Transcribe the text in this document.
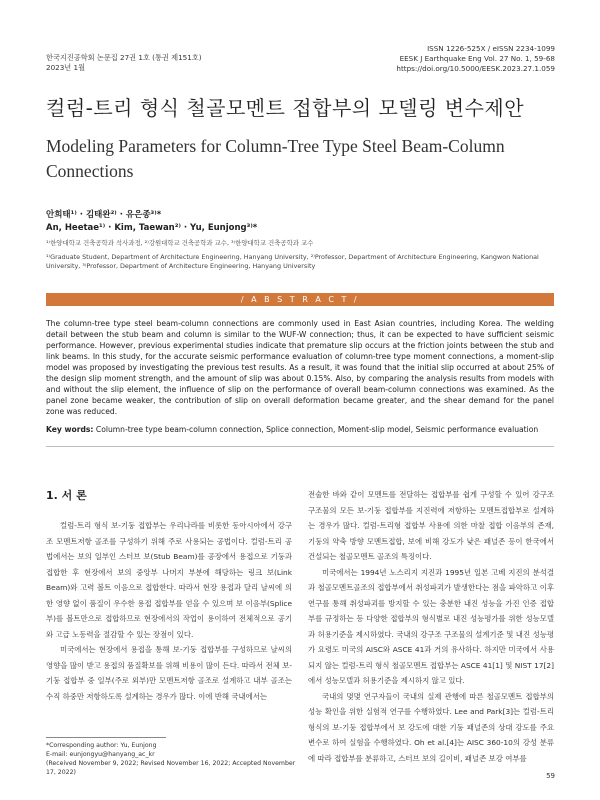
한국지진공학회 논문집 27권 1호 (통권 제151호)
2023년 1월
ISSN 1226-525X / eISSN 2234-1099
EESK J Earthquake Eng Vol. 27 No. 1, 59-68
https://doi.org/10.5000/EESK.2023.27.1.059
컬럼-트리 형식 철골모멘트 접합부의 모델링 변수제안
Modeling Parameters for Column-Tree Type Steel Beam-Column Connections
안희태¹⁾ · 김태완²⁾ · 유은종³⁾*
An, Heetae¹⁾ · Kim, Taewan²⁾ · Yu, Eunjong³⁾*
¹⁾한양대학교 건축공학과 석사과정, ²⁾강원대학교 건축공학과 교수, ³⁾한양대학교 건축공학과 교수
¹⁾Graduate Student, Department of Architecture Engineering, Hanyang University, ²⁾Professor, Department of Architecture Engineering, Kangwon National University, ³⁾Professor, Department of Architecture Engineering, Hanyang University
/ A B S T R A C T /
The column-tree type steel beam-column connections are commonly used in East Asian countries, including Korea. The welding detail between the stub beam and column is similar to the WUF-W connection; thus, it can be expected to have sufficient seismic performance. However, previous experimental studies indicate that premature slip occurs at the friction joints between the stub and link beams. In this study, for the accurate seismic performance evaluation of column-tree type moment connections, a moment-slip model was proposed by investigating the previous test results. As a result, it was found that the initial slip occurred at about 25% of the design slip moment strength, and the amount of slip was about 0.15%. Also, by comparing the analysis results from models with and without the slip element, the influence of slip on the performance of overall beam-column connections was examined. As the panel zone became weaker, the contribution of slip on overall deformation became greater, and the shear demand for the panel zone was reduced.
Key words: Column-tree type beam-column connection, Splice connection, Moment-slip model, Seismic performance evaluation
1. 서 론

컬럼-트리 형식 보-기둥 접합부는 우리나라를 비롯한 동아시아에서 강구조 모멘트저항 골조를 구성하기 위해 주로 사용되는 공법이다. 컬럼-트리 공법에서는 보의 일부인 스터브 보(Stub Beam)를 공장에서 용접으로 기둥과 접합한 후 현장에서 보의 중앙부 나머지 부분에 해당하는 링크 보(Link Beam)와 고력 볼트 이음으로 접합한다. 따라서 현장 용접과 달리 날씨에 의한 영향 없이 품질이 우수한 용접 접합부를 얻을 수 있으며 보 이음부(Splice 부)를 볼트만으로 접합하므로 현장에서의 작업이 용이하여 전체적으로 공기와 고급 노동력을 절감할 수 있는 장점이 있다.

미국에서는 현장에서 용접을 통해 보-기둥 접합부를 구성하므로 날씨의 영향을 많이 받고 용접의 품질확보를 위해 비용이 많이 든다. 따라서 전체 보-기둥 접합부 중 일부(주로 외부)만 모멘트저항 골조로 설계하고 내부 골조는 수직 하중만 저항하도록 설계하는 경우가 많다. 이에 반해 국내에서는

전술한 바와 같이 모멘트를 전달하는 접합부를 쉽게 구성할 수 있어 강구조 구조물의 모든 보-기둥 접합부를 지진력에 저항하는 모멘트접합부로 설계하는 경우가 많다. 컬럼-트리형 접합부 사용에 의한 마찰 접합 이음부의 존재, 기둥의 약축 방향 모멘트접합, 보에 비해 강도가 낮은 패널존 등이 한국에서 건설되는 철골모멘트 골조의 특징이다.

미국에서는 1994년 노스리지 지진과 1995년 일본 고베 지진의 분석결과 철골모멘트골조의 접합부에서 취성파괴가 발생한다는 점을 파악하고 이후 연구를 통해 취성파괴를 방지할 수 있는 충분한 내진 성능을 가진 인증 접합부를 규정하는 등 다양한 접합부의 형식별로 내진 성능평가를 위한 성능모델과 허용기준을 제시하였다. 국내의 강구조 구조물의 설계기준 및 내진 성능평가 요령도 미국의 AISC와 ASCE 41과 거의 유사하다. 하지만 미국에서 사용되지 않는 컬럼-트리 형식 철골모멘트 접합부는 ASCE 41[1] 및 NIST 17[2]에서 성능모델과 허용기준을 제시하지 않고 있다.

국내의 몇몇 연구자들이 국내의 실제 관행에 따른 철골모멘트 접합부의 성능 확인을 위한 실험적 연구를 수행하였다. Lee and Park[3]는 컬럼-트리 형식의 보-기둥 접합부에서 보 강도에 대한 기둥 패널존의 상대 강도를 주요 변수로 하여 실험을 수행하였다. Oh et al.[4]는 AISC 360-10의 강성 분류에 따라 접합부를 분류하고, 스터브 보의 길이비, 패널존 보강 여부를

*Corresponding author: Yu, Eunjong
E-mail: eunjongyu@hanyang_ac_kr
(Received November 9, 2022; Revised November 16, 2022; Accepted November 17, 2022)	59
